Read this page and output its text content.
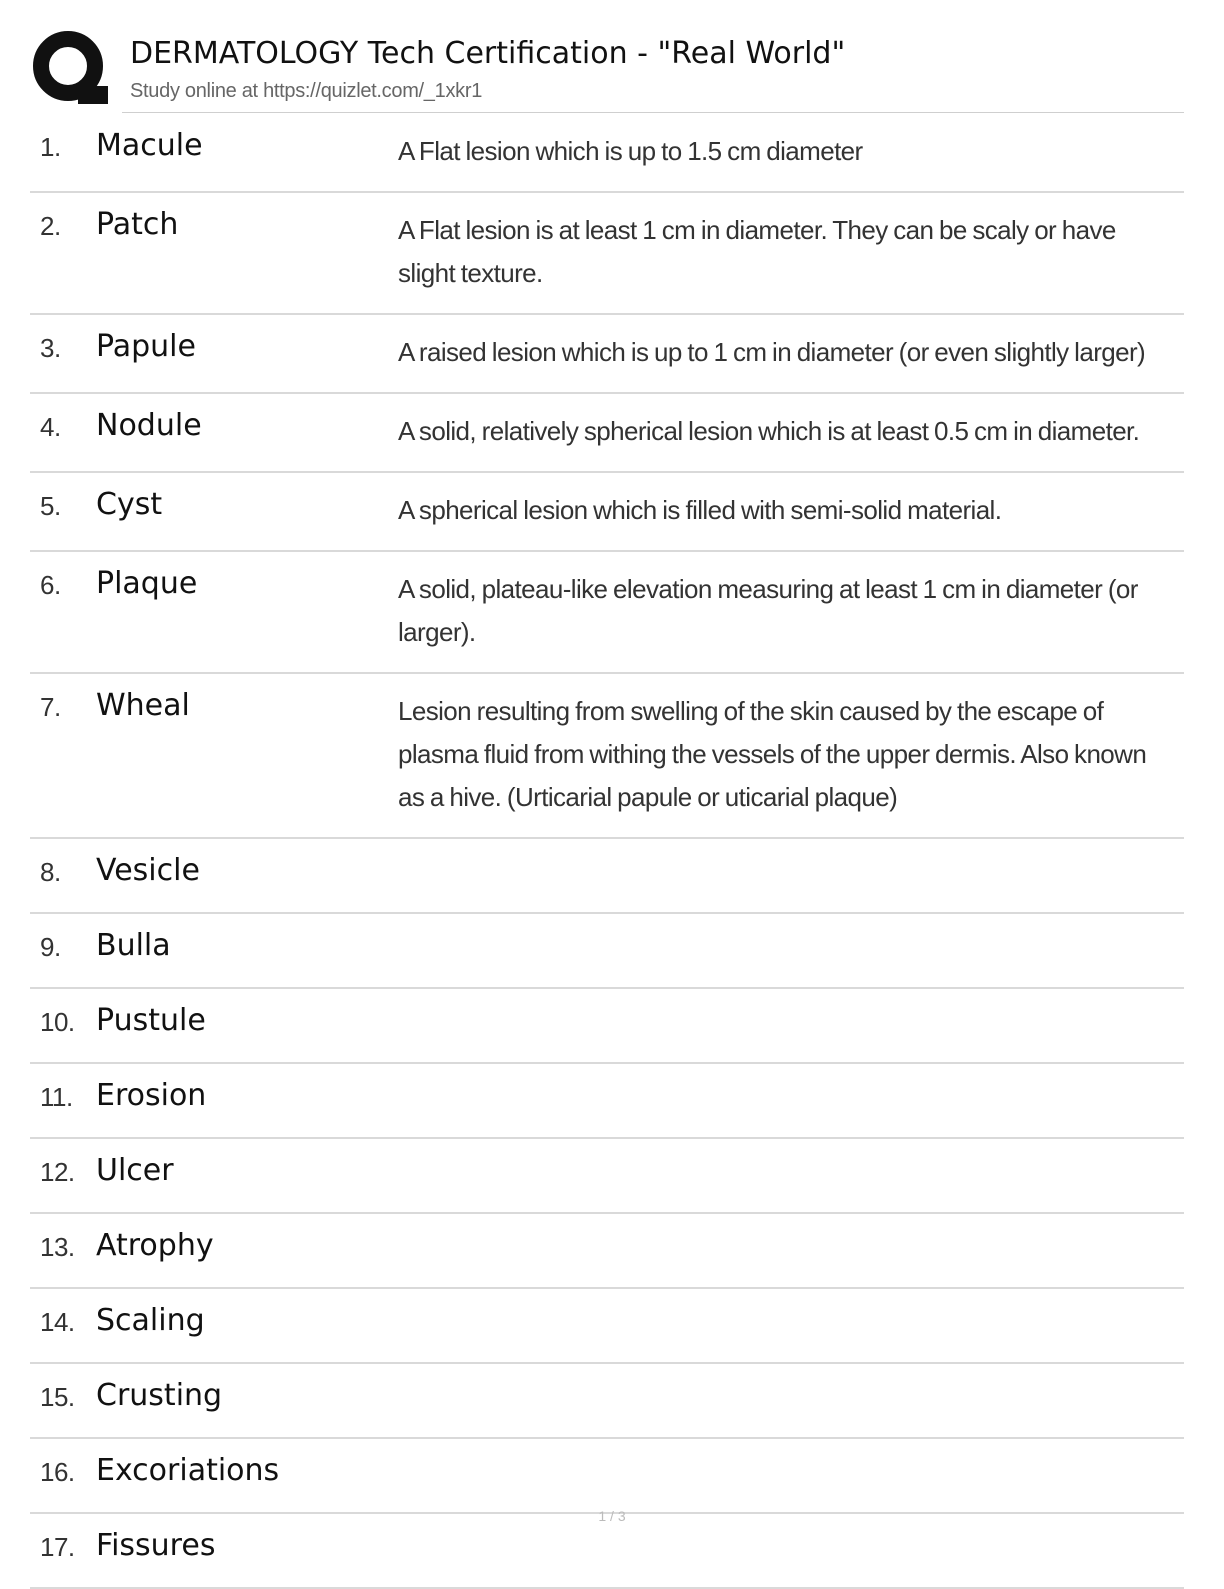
DERMATOLOGY Tech Certification - "Real World"
Study online at https://quizlet.com/_1xkr1
1. Macule	A Flat lesion which is up to 1.5 cm diameter
2. Patch	A Flat lesion is at least 1 cm in diameter. They can be scaly or have slight texture.
3. Papule	A raised lesion which is up to 1 cm in diameter (or even slightly larger)
4. Nodule	A solid, relatively spherical lesion which is at least 0.5 cm in diameter.
5. Cyst	A spherical lesion which is filled with semi-solid material.
6. Plaque	A solid, plateau-like elevation measuring at least 1 cm in diameter (or larger).
7. Wheal	Lesion resulting from swelling of the skin caused by the escape of plasma fluid from withing the vessels of the upper dermis. Also known as a hive. (Urticarial papule or uticarial plaque)
8. Vesicle
9. Bulla
10. Pustule
11. Erosion
12. Ulcer
13. Atrophy
14. Scaling
15. Crusting
16. Excoriations
17. Fissures
1 / 3
